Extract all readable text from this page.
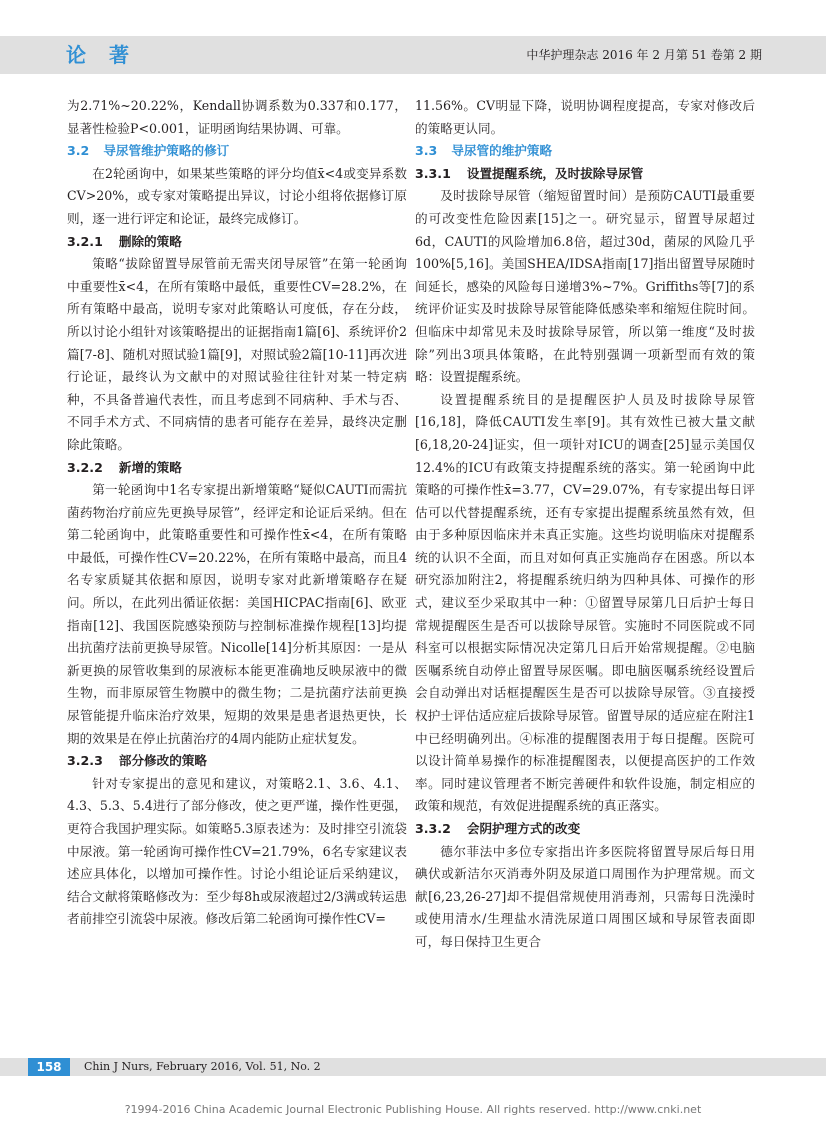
论 著	中华护理杂志 2016 年 2 月第 51 卷第 2 期

为2.71%~20.22%，Kendall协调系数为0.337和0.177，显著性检验P<0.001，证明函询结果协调、可靠。

3.2 导尿管维护策略的修订

在2轮函询中，如果某些策略的评分均值x̄<4或变异系数CV>20%，或专家对策略提出异议，讨论小组将依据修订原则，逐一进行评定和论证，最终完成修订。

3.2.1 删除的策略

策略“拔除留置导尿管前无需夹闭导尿管”在第一轮函询中重要性x̄<4，在所有策略中最低，重要性CV=28.2%，在所有策略中最高，说明专家对此策略认可度低，存在分歧，所以讨论小组针对该策略提出的证据指南1篇[6]、系统评价2篇[7-8]、随机对照试验1篇[9]，对照试验2篇[10-11]再次进行论证，最终认为文献中的对照试验往往针对某一特定病种，不具备普遍代表性，而且考虑到不同病种、手术与否、不同手术方式、不同病情的患者可能存在差异，最终决定删除此策略。

3.2.2 新增的策略

第一轮函询中1名专家提出新增策略“疑似CAUTI而需抗菌药物治疗前应先更换导尿管”，经评定和论证后采纳。但在第二轮函询中，此策略重要性和可操作性x̄<4，在所有策略中最低，可操作性CV=20.22%，在所有策略中最高，而且4名专家质疑其依据和原因，说明专家对此新增策略存在疑问。所以，在此列出循证依据：美国HICPAC指南[6]、欧亚指南[12]、我国医院感染预防与控制标准操作规程[13]均提出抗菌疗法前更换导尿管。Nicolle[14]分析其原因：一是从新更换的尿管收集到的尿液标本能更准确地反映尿液中的微生物，而非原尿管生物膜中的微生物；二是抗菌疗法前更换尿管能提升临床治疗效果，短期的效果是患者退热更快，长期的效果是在停止抗菌治疗的4周内能防止症状复发。

3.2.3 部分修改的策略

针对专家提出的意见和建议，对策略2.1、3.6、4.1、4.3、5.3、5.4进行了部分修改，使之更严谨，操作性更强，更符合我国护理实际。如策略5.3原表述为：及时排空引流袋中尿液。第一轮函询可操作性CV=21.79%，6名专家建议表述应具体化，以增加可操作性。讨论小组论证后采纳建议，结合文献将策略修改为：至少每8h或尿液超过2/3满或转运患者前排空引流袋中尿液。修改后第二轮函询可操作性CV=

11.56%。CV明显下降，说明协调程度提高，专家对修改后的策略更认同。

3.3 导尿管的维护策略
3.3.1 设置提醒系统，及时拔除导尿管

及时拔除导尿管（缩短留置时间）是预防CAUTI最重要的可改变性危险因素[15]之一。研究显示，留置导尿超过6d，CAUTI的风险增加6.8倍，超过30d，菌尿的风险几乎100%[5,16]。美国SHEA/IDSA指南[17]指出留置导尿随时间延长，感染的风险每日递增3%~7%。Griffiths等[7]的系统评价证实及时拔除导尿管能降低感染率和缩短住院时间。但临床中却常见未及时拔除导尿管，所以第一维度“及时拔除”列出3项具体策略，在此特别强调一项新型而有效的策略：设置提醒系统。

设置提醒系统目的是提醒医护人员及时拔除导尿管[16,18]，降低CAUTI发生率[9]。其有效性已被大量文献[6,18,20-24]证实，但一项针对ICU的调查[25]显示美国仅12.4%的ICU有政策支持提醒系统的落实。第一轮函询中此策略的可操作性x̄=3.77，CV=29.07%，有专家提出每日评估可以代替提醒系统，还有专家提出提醒系统虽然有效，但由于多种原因临床并未真正实施。这些均说明临床对提醒系统的认识不全面，而且对如何真正实施尚存在困惑。所以本研究添加附注2，将提醒系统归纳为四种具体、可操作的形式，建议至少采取其中一种：①留置导尿第几日后护士每日常规提醒医生是否可以拔除导尿管。实施时不同医院或不同科室可以根据实际情况决定第几日后开始常规提醒。②电脑医嘱系统自动停止留置导尿医嘱。即电脑医嘱系统经设置后会自动弹出对话框提醒医生是否可以拔除导尿管。③直接授权护士评估适应症后拔除导尿管。留置导尿的适应症在附注1中已经明确列出。④标准的提醒图表用于每日提醒。医院可以设计简单易操作的标准提醒图表，以便提高医护的工作效率。同时建议管理者不断完善硬件和软件设施，制定相应的政策和规范，有效促进提醒系统的真正落实。

3.3.2 会阴护理方式的改变

德尔菲法中多位专家指出许多医院将留置导尿后每日用碘伏或新洁尔灭消毒外阴及尿道口周围作为护理常规。而文献[6,23,26-27]却不提倡常规使用消毒剂，只需每日洗澡时或使用清水/生理盐水清洗尿道口周围区域和导尿管表面即可，每日保持卫生更合

158	Chin J Nurs, February 2016, Vol. 51, No. 2
?1994-2016 China Academic Journal Electronic Publishing House. All rights reserved. http://www.cnki.net
